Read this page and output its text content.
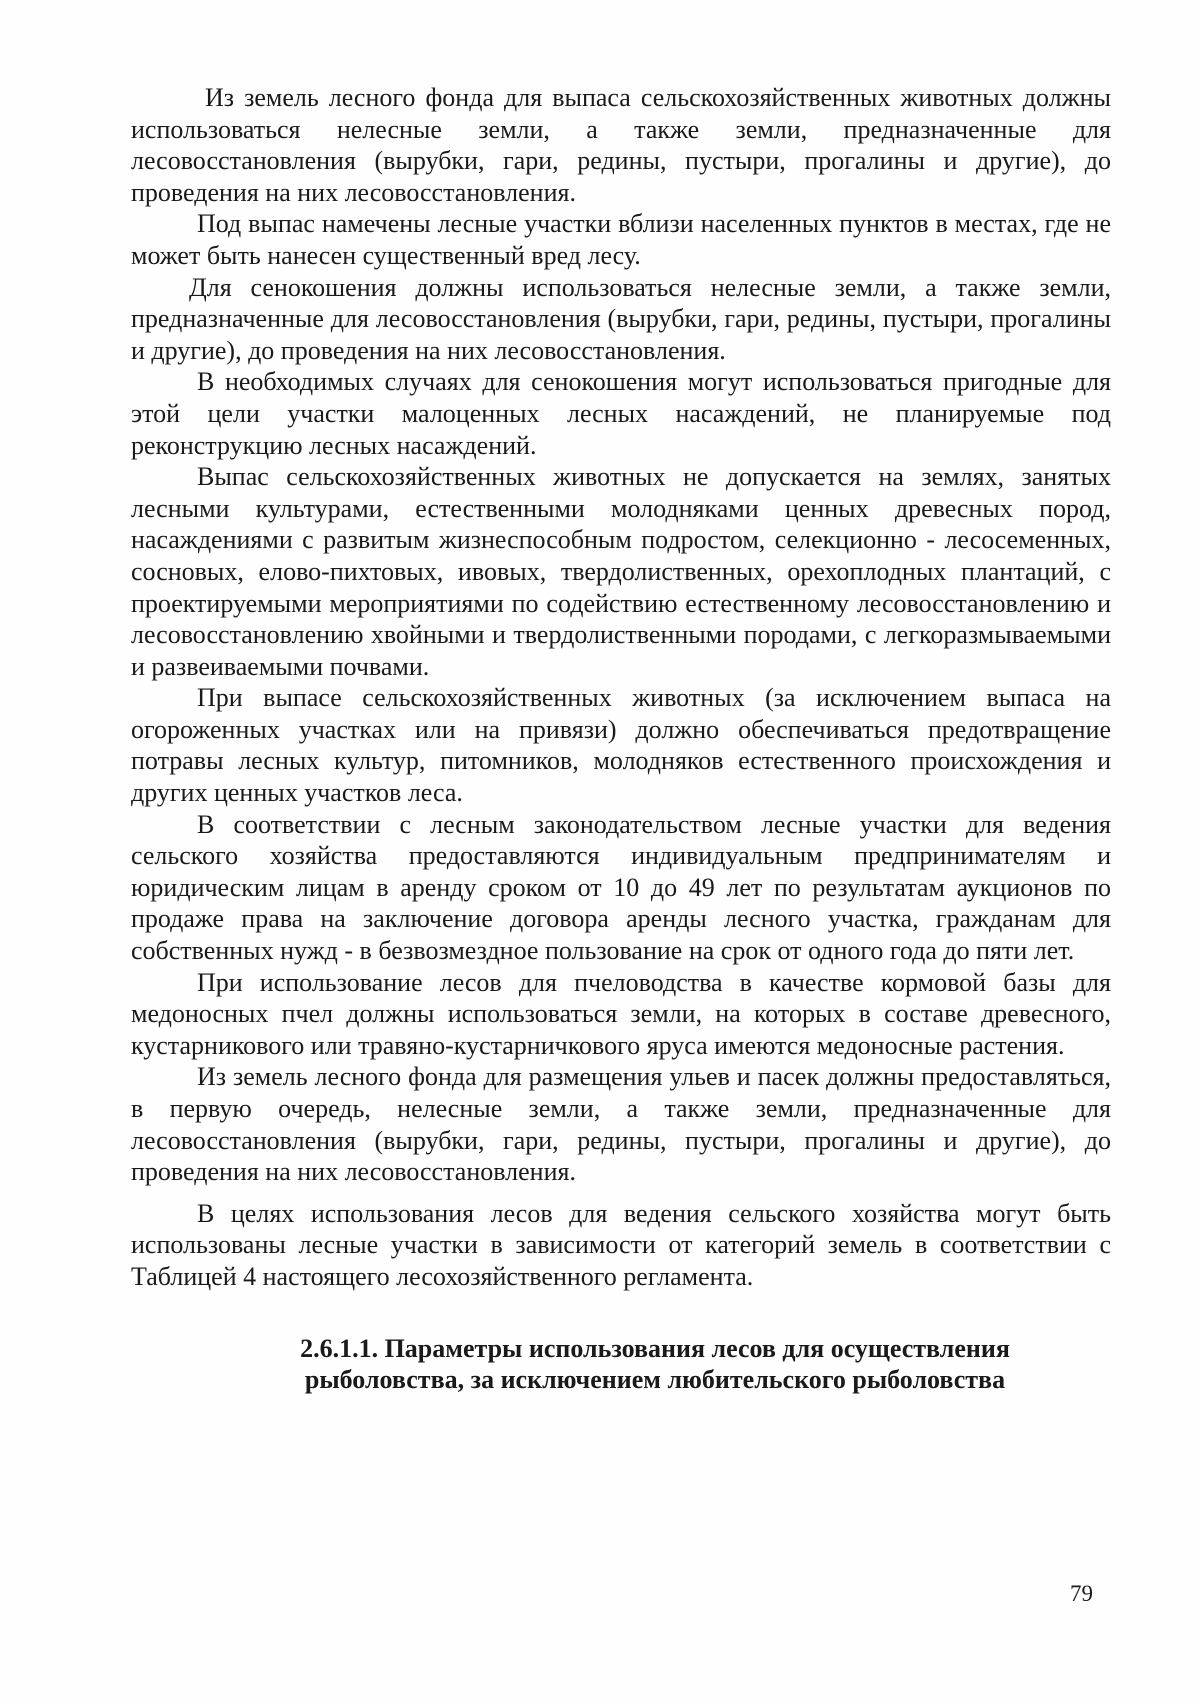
Из земель лесного фонда для выпаса сельскохозяйственных животных должны использоваться нелесные земли, а также земли, предназначенные для лесовосстановления (вырубки, гари, редины, пустыри, прогалины и другие), до проведения на них лесовосстановления.

Под выпас намечены лесные участки вблизи населенных пунктов в местах, где не может быть нанесен существенный вред лесу.

Для сенокошения должны использоваться нелесные земли, а также земли, предназначенные для лесовосстановления (вырубки, гари, редины, пустыри, прогалины и другие), до проведения на них лесовосстановления.

В необходимых случаях для сенокошения могут использоваться пригодные для этой цели участки малоценных лесных насаждений, не планируемые под реконструкцию лесных насаждений.

Выпас сельскохозяйственных животных не допускается на землях, занятых лесными культурами, естественными молодняками ценных древесных пород, насаждениями с развитым жизнеспособным подростом, селекционно - лесосеменных, сосновых, елово-пихтовых, ивовых, твердолиственных, орехоплодных плантаций, с проектируемыми мероприятиями по содействию естественному лесовосстановлению и лесовосстановлению хвойными и твердолиственными породами, с легкоразмываемыми и развеиваемыми почвами.

При выпасе сельскохозяйственных животных (за исключением выпаса на огороженных участках или на привязи) должно обеспечиваться предотвращение потравы лесных культур, питомников, молодняков естественного происхождения и других ценных участков леса.

В соответствии с лесным законодательством лесные участки для ведения сельского хозяйства предоставляются индивидуальным предпринимателям и юридическим лицам в аренду сроком от 10 до 49 лет по результатам аукционов по продаже права на заключение договора аренды лесного участка, гражданам для собственных нужд - в безвозмездное пользование на срок от одного года до пяти лет.

При использование лесов для пчеловодства в качестве кормовой базы для медоносных пчел должны использоваться земли, на которых в составе древесного, кустарникового или травяно-кустарничкового яруса имеются медоносные растения.

Из земель лесного фонда для размещения ульев и пасек должны предоставляться, в первую очередь, нелесные земли, а также земли, предназначенные для лесовосстановления (вырубки, гари, редины, пустыри, прогалины и другие), до проведения на них лесовосстановления.

В целях использования лесов для ведения сельского хозяйства могут быть использованы лесные участки в зависимости от категорий земель в соответствии с Таблицей 4 настоящего лесохозяйственного регламента.

2.6.1.1. Параметры использования лесов для осуществления рыболовства, за исключением любительского рыболовства

79
